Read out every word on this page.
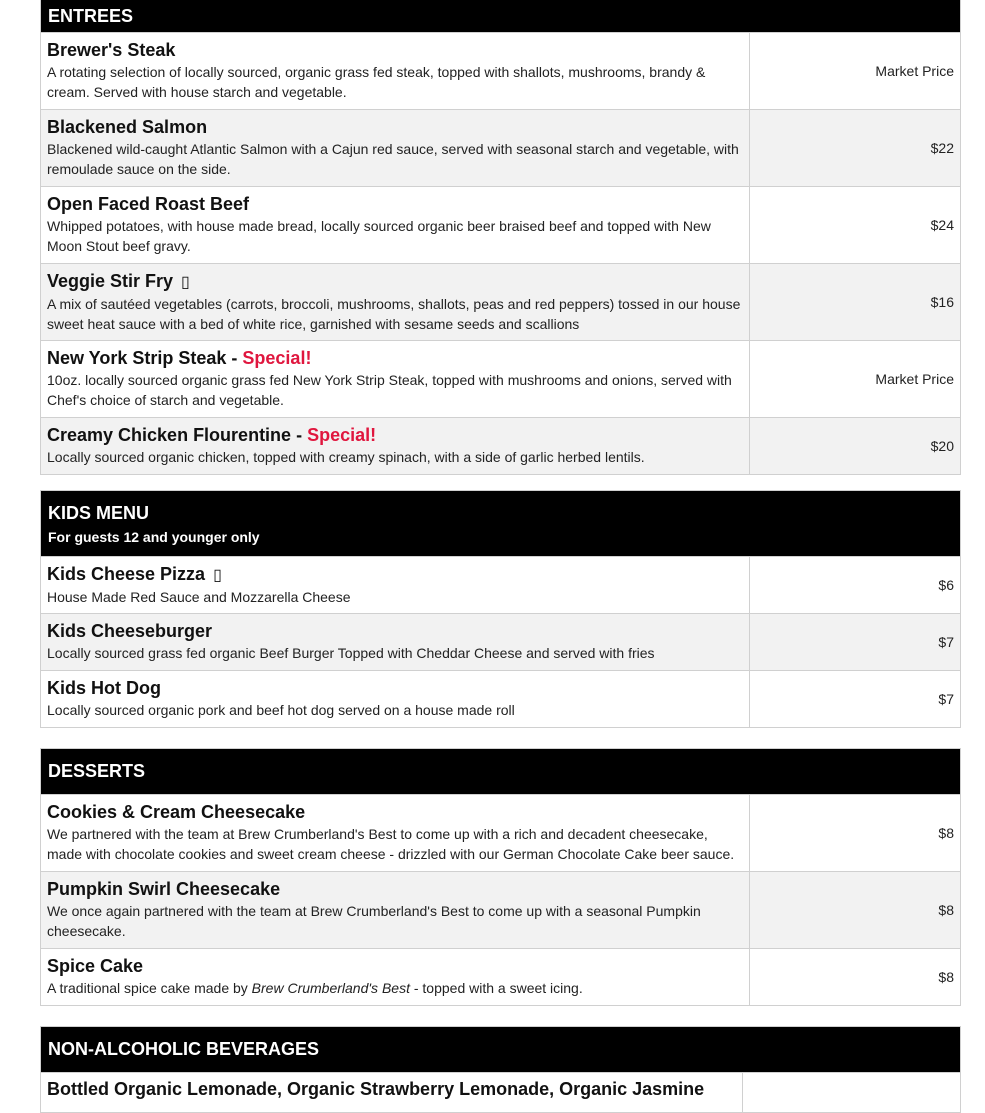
ENTREES	

Brewer's Steak
A rotating selection of locally sourced, organic grass fed steak, topped with shallots, mushrooms, brandy & cream. Served with house starch and vegetable.	Market Price

Blackened Salmon
Blackened wild-caught Atlantic Salmon with a Cajun red sauce, served with seasonal starch and vegetable, with remoulade sauce on the side.	$22

Open Faced Roast Beef
Whipped potatoes, with house made bread, locally sourced organic beer braised beef and topped with New Moon Stout beef gravy.	$24

Veggie Stir Fry ▯
A mix of sautéed vegetables (carrots, broccoli, mushrooms, shallots, peas and red peppers) tossed in our house sweet heat sauce with a bed of white rice, garnished with sesame seeds and scallions	$16

New York Strip Steak - Special!
10oz. locally sourced organic grass fed New York Strip Steak, topped with mushrooms and onions, served with Chef's choice of starch and vegetable.	Market Price

Creamy Chicken Flourentine - Special!
Locally sourced organic chicken, topped with creamy spinach, with a side of garlic herbed lentils.	$20
KIDS MENU
For guests 12 and younger only	

Kids Cheese Pizza ▯
House Made Red Sauce and Mozzarella Cheese	$6

Kids Cheeseburger
Locally sourced grass fed organic Beef Burger Topped with Cheddar Cheese and served with fries	$7

Kids Hot Dog
Locally sourced organic pork and beef hot dog served on a house made roll	$7
DESSERTS	

Cookies & Cream Cheesecake
We partnered with the team at Brew Crumberland's Best to come up with a rich and decadent cheesecake, made with chocolate cookies and sweet cream cheese - drizzled with our German Chocolate Cake beer sauce.	$8

Pumpkin Swirl Cheesecake
We once again partnered with the team at Brew Crumberland's Best to come up with a seasonal Pumpkin cheesecake.	$8

Spice Cake
A traditional spice cake made by Brew Crumberland's Best - topped with a sweet icing.	$8
NON-ALCOHOLIC BEVERAGES

Bottled Organic Lemonade, Organic Strawberry Lemonade, Organic Jasmine
